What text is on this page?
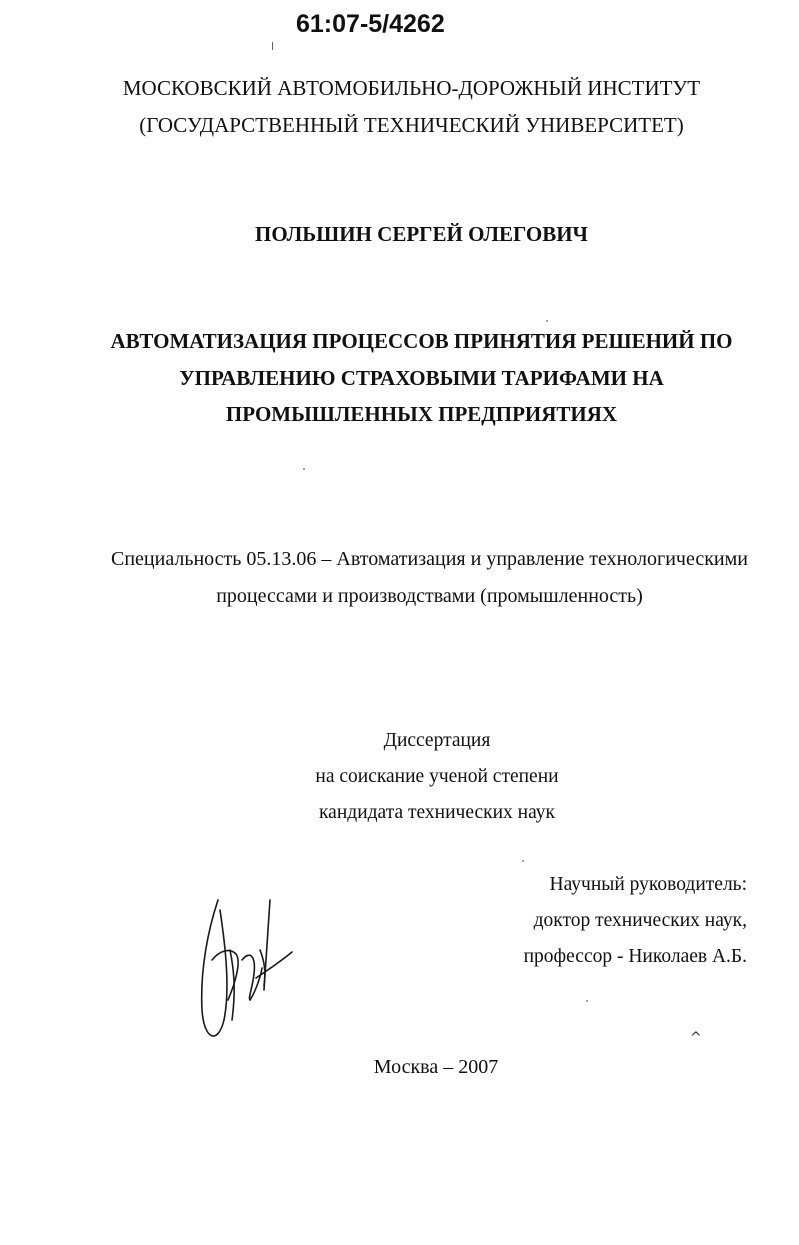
61:07-5/4262
МОСКОВСКИЙ АВТОМОБИЛЬНО-ДОРОЖНЫЙ ИНСТИТУТ
(ГОСУДАРСТВЕННЫЙ ТЕХНИЧЕСКИЙ УНИВЕРСИТЕТ)
ПОЛЬШИН СЕРГЕЙ ОЛЕГОВИЧ
АВТОМАТИЗАЦИЯ ПРОЦЕССОВ ПРИНЯТИЯ РЕШЕНИЙ ПО
УПРАВЛЕНИЮ СТРАХОВЫМИ ТАРИФАМИ НА
ПРОМЫШЛЕННЫХ ПРЕДПРИЯТИЯХ
Специальность 05.13.06 – Автоматизация и управление технологическими
процессами и производствами (промышленность)
Диссертация
на соискание ученой степени
кандидата технических наук
Научный руководитель:
доктор технических наук,
профессор - Николаев А.Б.
^
Москва – 2007
